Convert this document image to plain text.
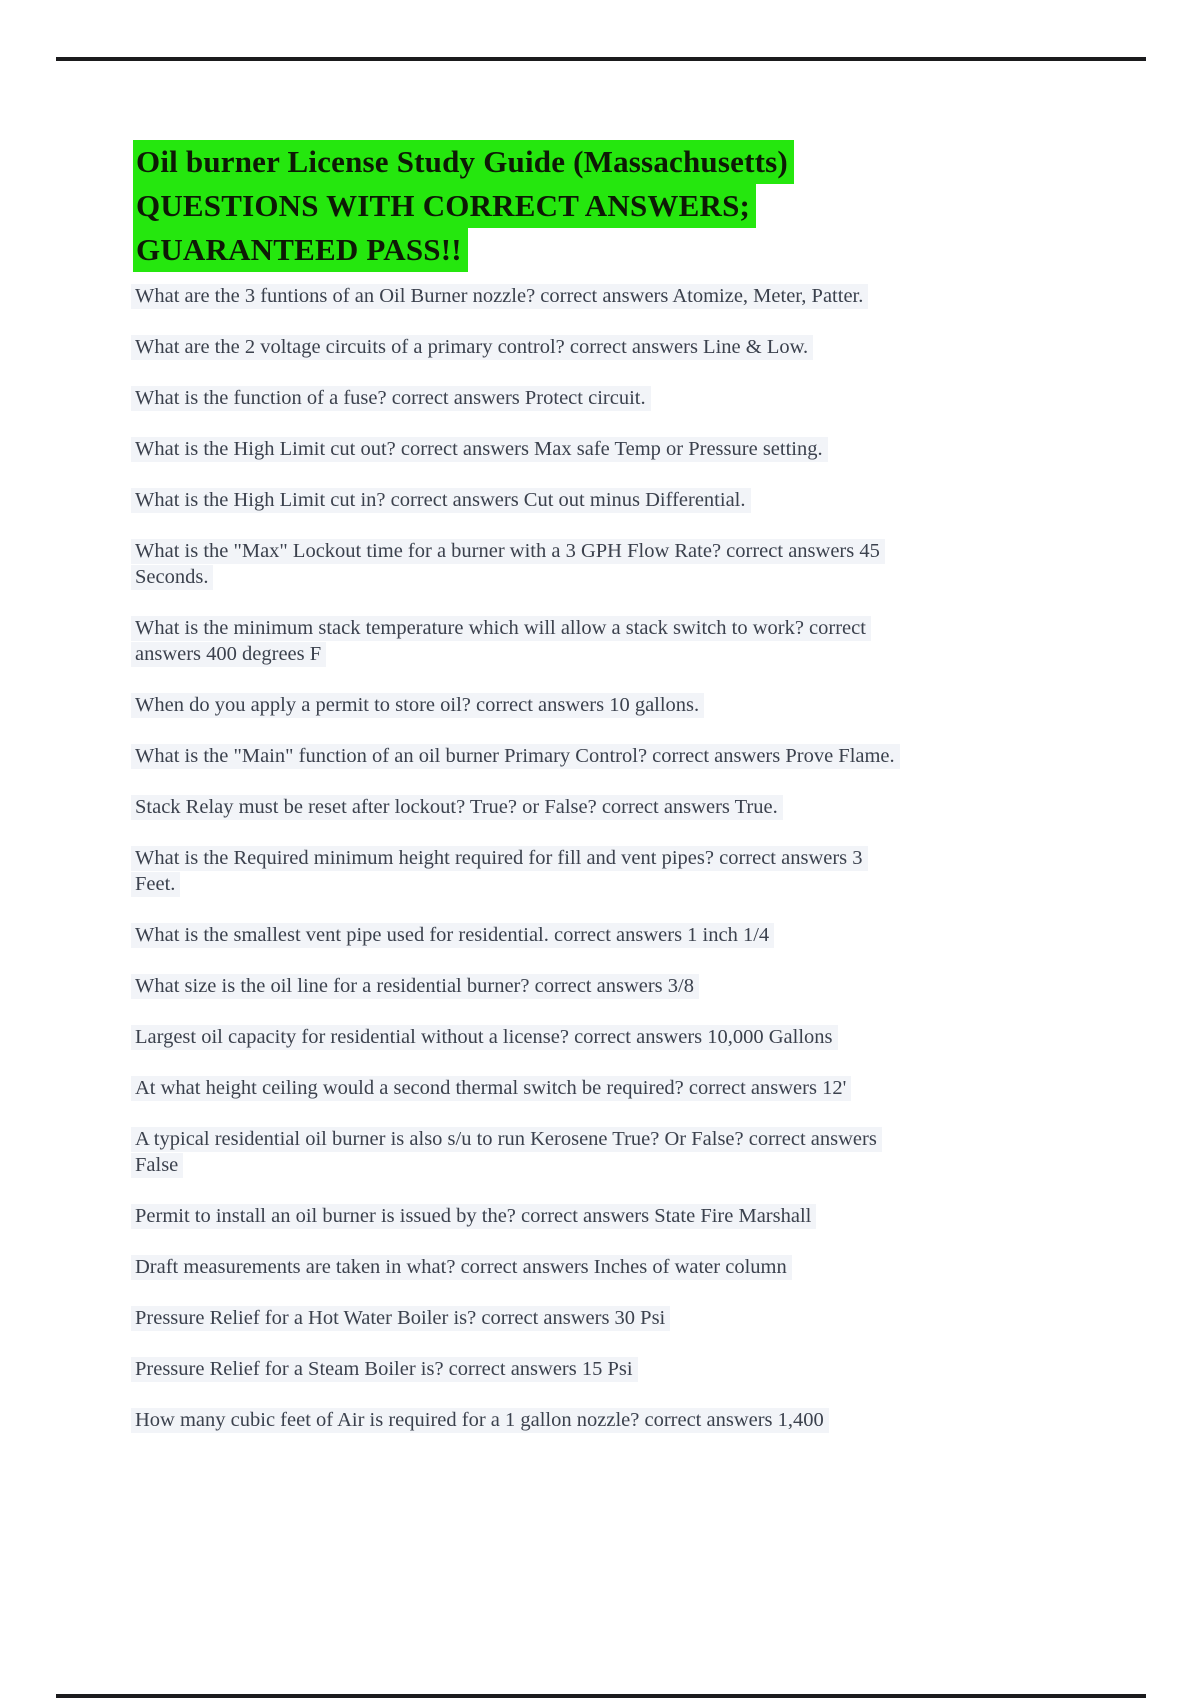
Oil burner License Study Guide (Massachusetts)
QUESTIONS WITH CORRECT ANSWERS;
GUARANTEED PASS!!
What are the 3 funtions of an Oil Burner nozzle? correct answers Atomize, Meter, Patter.
What are the 2 voltage circuits of a primary control? correct answers Line & Low.
What is the function of a fuse? correct answers Protect circuit.
What is the High Limit cut out? correct answers Max safe Temp or Pressure setting.
What is the High Limit cut in? correct answers Cut out minus Differential.
What is the "Max" Lockout time for a burner with a 3 GPH Flow Rate? correct answers 45
Seconds.
What is the minimum stack temperature which will allow a stack switch to work? correct
answers 400 degrees F
When do you apply a permit to store oil? correct answers 10 gallons.
What is the "Main" function of an oil burner Primary Control? correct answers Prove Flame.
Stack Relay must be reset after lockout? True? or False? correct answers True.
What is the Required minimum height required for fill and vent pipes? correct answers 3
Feet.
What is the smallest vent pipe used for residential. correct answers 1 inch 1/4
What size is the oil line for a residential burner? correct answers 3/8
Largest oil capacity for residential without a license? correct answers 10,000 Gallons
At what height ceiling would a second thermal switch be required? correct answers 12'
A typical residential oil burner is also s/u to run Kerosene True? Or False? correct answers
False
Permit to install an oil burner is issued by the? correct answers State Fire Marshall
Draft measurements are taken in what? correct answers Inches of water column
Pressure Relief for a Hot Water Boiler is? correct answers 30 Psi
Pressure Relief for a Steam Boiler is? correct answers 15 Psi
How many cubic feet of Air is required for a 1 gallon nozzle? correct answers 1,400
